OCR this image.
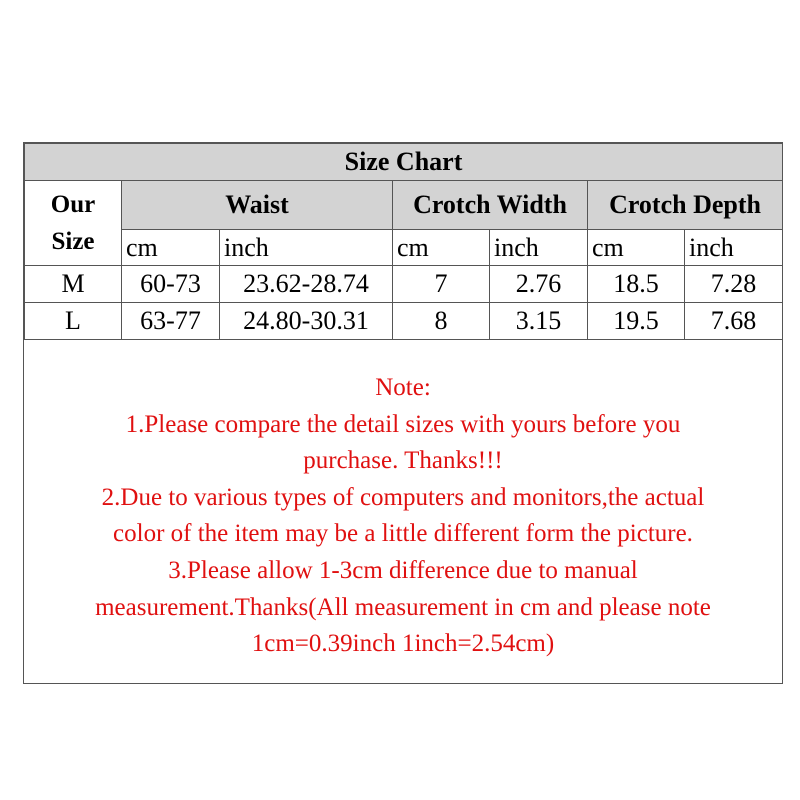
Size Chart						

Our
Size	Waist		Crotch Width		Crotch Depth	
	cm	inch	cm	inch	cm	inch
M	60-73	23.62-28.74	7	2.76	18.5	7.28
L	63-77	24.80-30.31	8	3.15	19.5	7.68
Note:
1.Please compare the detail sizes with yours before you
purchase. Thanks!!!
2.Due to various types of computers and monitors,the actual
color of the item may be a little different form the picture.
3.Please allow 1-3cm difference due to manual
measurement.Thanks(All measurement in cm and please note
1cm=0.39inch 1inch=2.54cm)
